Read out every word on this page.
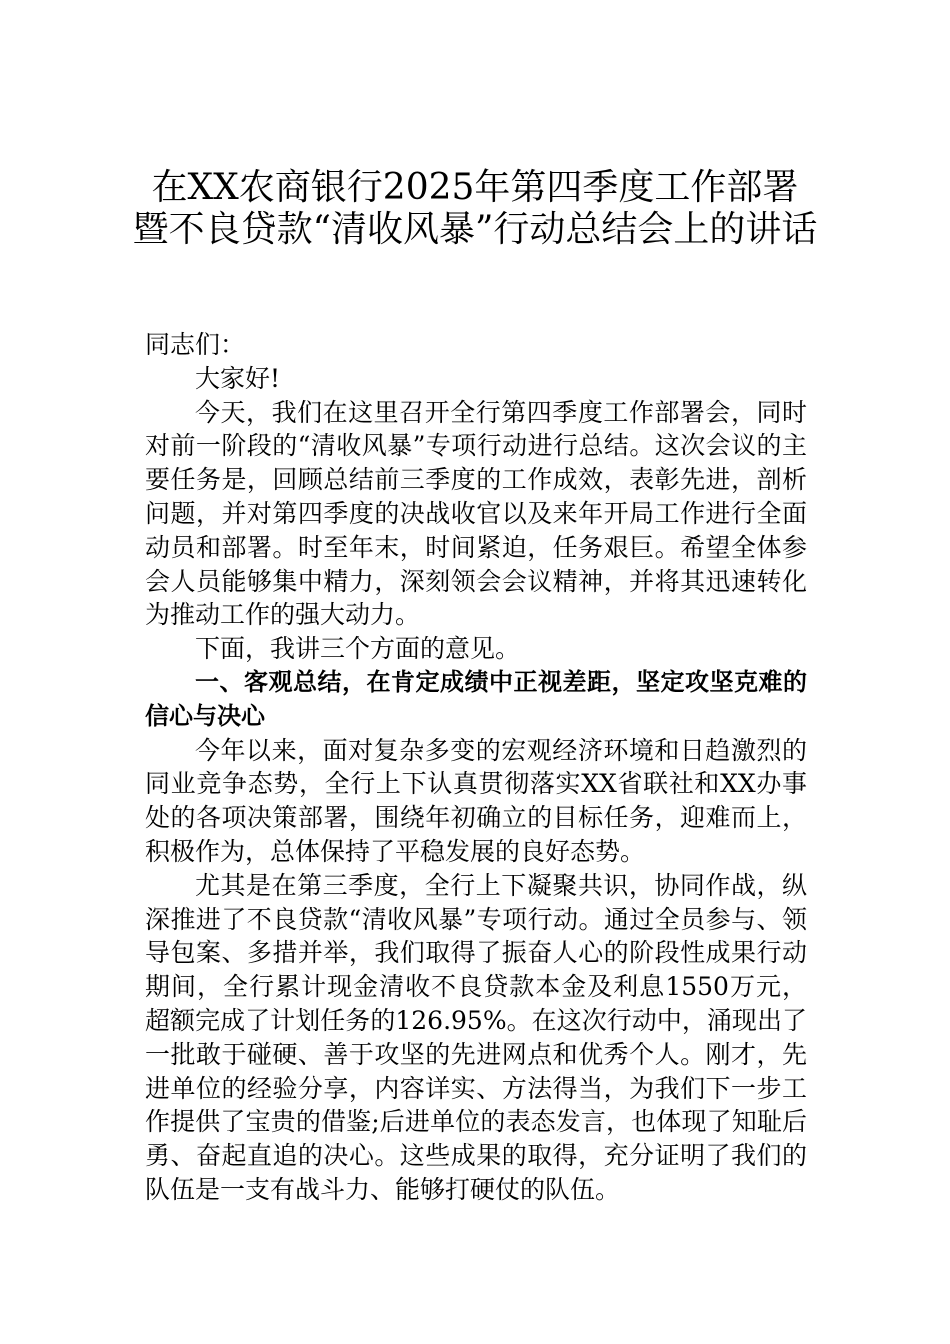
在XX农商银行2025年第四季度工作部署
暨不良贷款“清收风暴”行动总结会上的讲话

同志们：

大家好!

今天，我们在这里召开全行第四季度工作部署会，同时对前一阶段的“清收风暴”专项行动进行总结。这次会议的主要任务是，回顾总结前三季度的工作成效，表彰先进，剖析问题，并对第四季度的决战收官以及来年开局工作进行全面动员和部署。时至年末，时间紧迫，任务艰巨。希望全体参会人员能够集中精力，深刻领会会议精神，并将其迅速转化为推动工作的强大动力。

下面，我讲三个方面的意见。

一、客观总结，在肯定成绩中正视差距，坚定攻坚克难的信心与决心

今年以来，面对复杂多变的宏观经济环境和日趋激烈的同业竞争态势，全行上下认真贯彻落实XX省联社和XX办事处的各项决策部署，围绕年初确立的目标任务，迎难而上，积极作为，总体保持了平稳发展的良好态势。

尤其是在第三季度，全行上下凝聚共识，协同作战，纵深推进了不良贷款“清收风暴”专项行动。通过全员参与、领导包案、多措并举，我们取得了振奋人心的阶段性成果行动期间，全行累计现金清收不良贷款本金及利息1550万元，超额完成了计划任务的126.95%。在这次行动中，涌现出了一批敢于碰硬、善于攻坚的先进网点和优秀个人。刚才，先进单位的经验分享，内容详实、方法得当，为我们下一步工作提供了宝贵的借鉴;后进单位的表态发言，也体现了知耻后勇、奋起直追的决心。这些成果的取得，充分证明了我们的队伍是一支有战斗力、能够打硬仗的队伍。
